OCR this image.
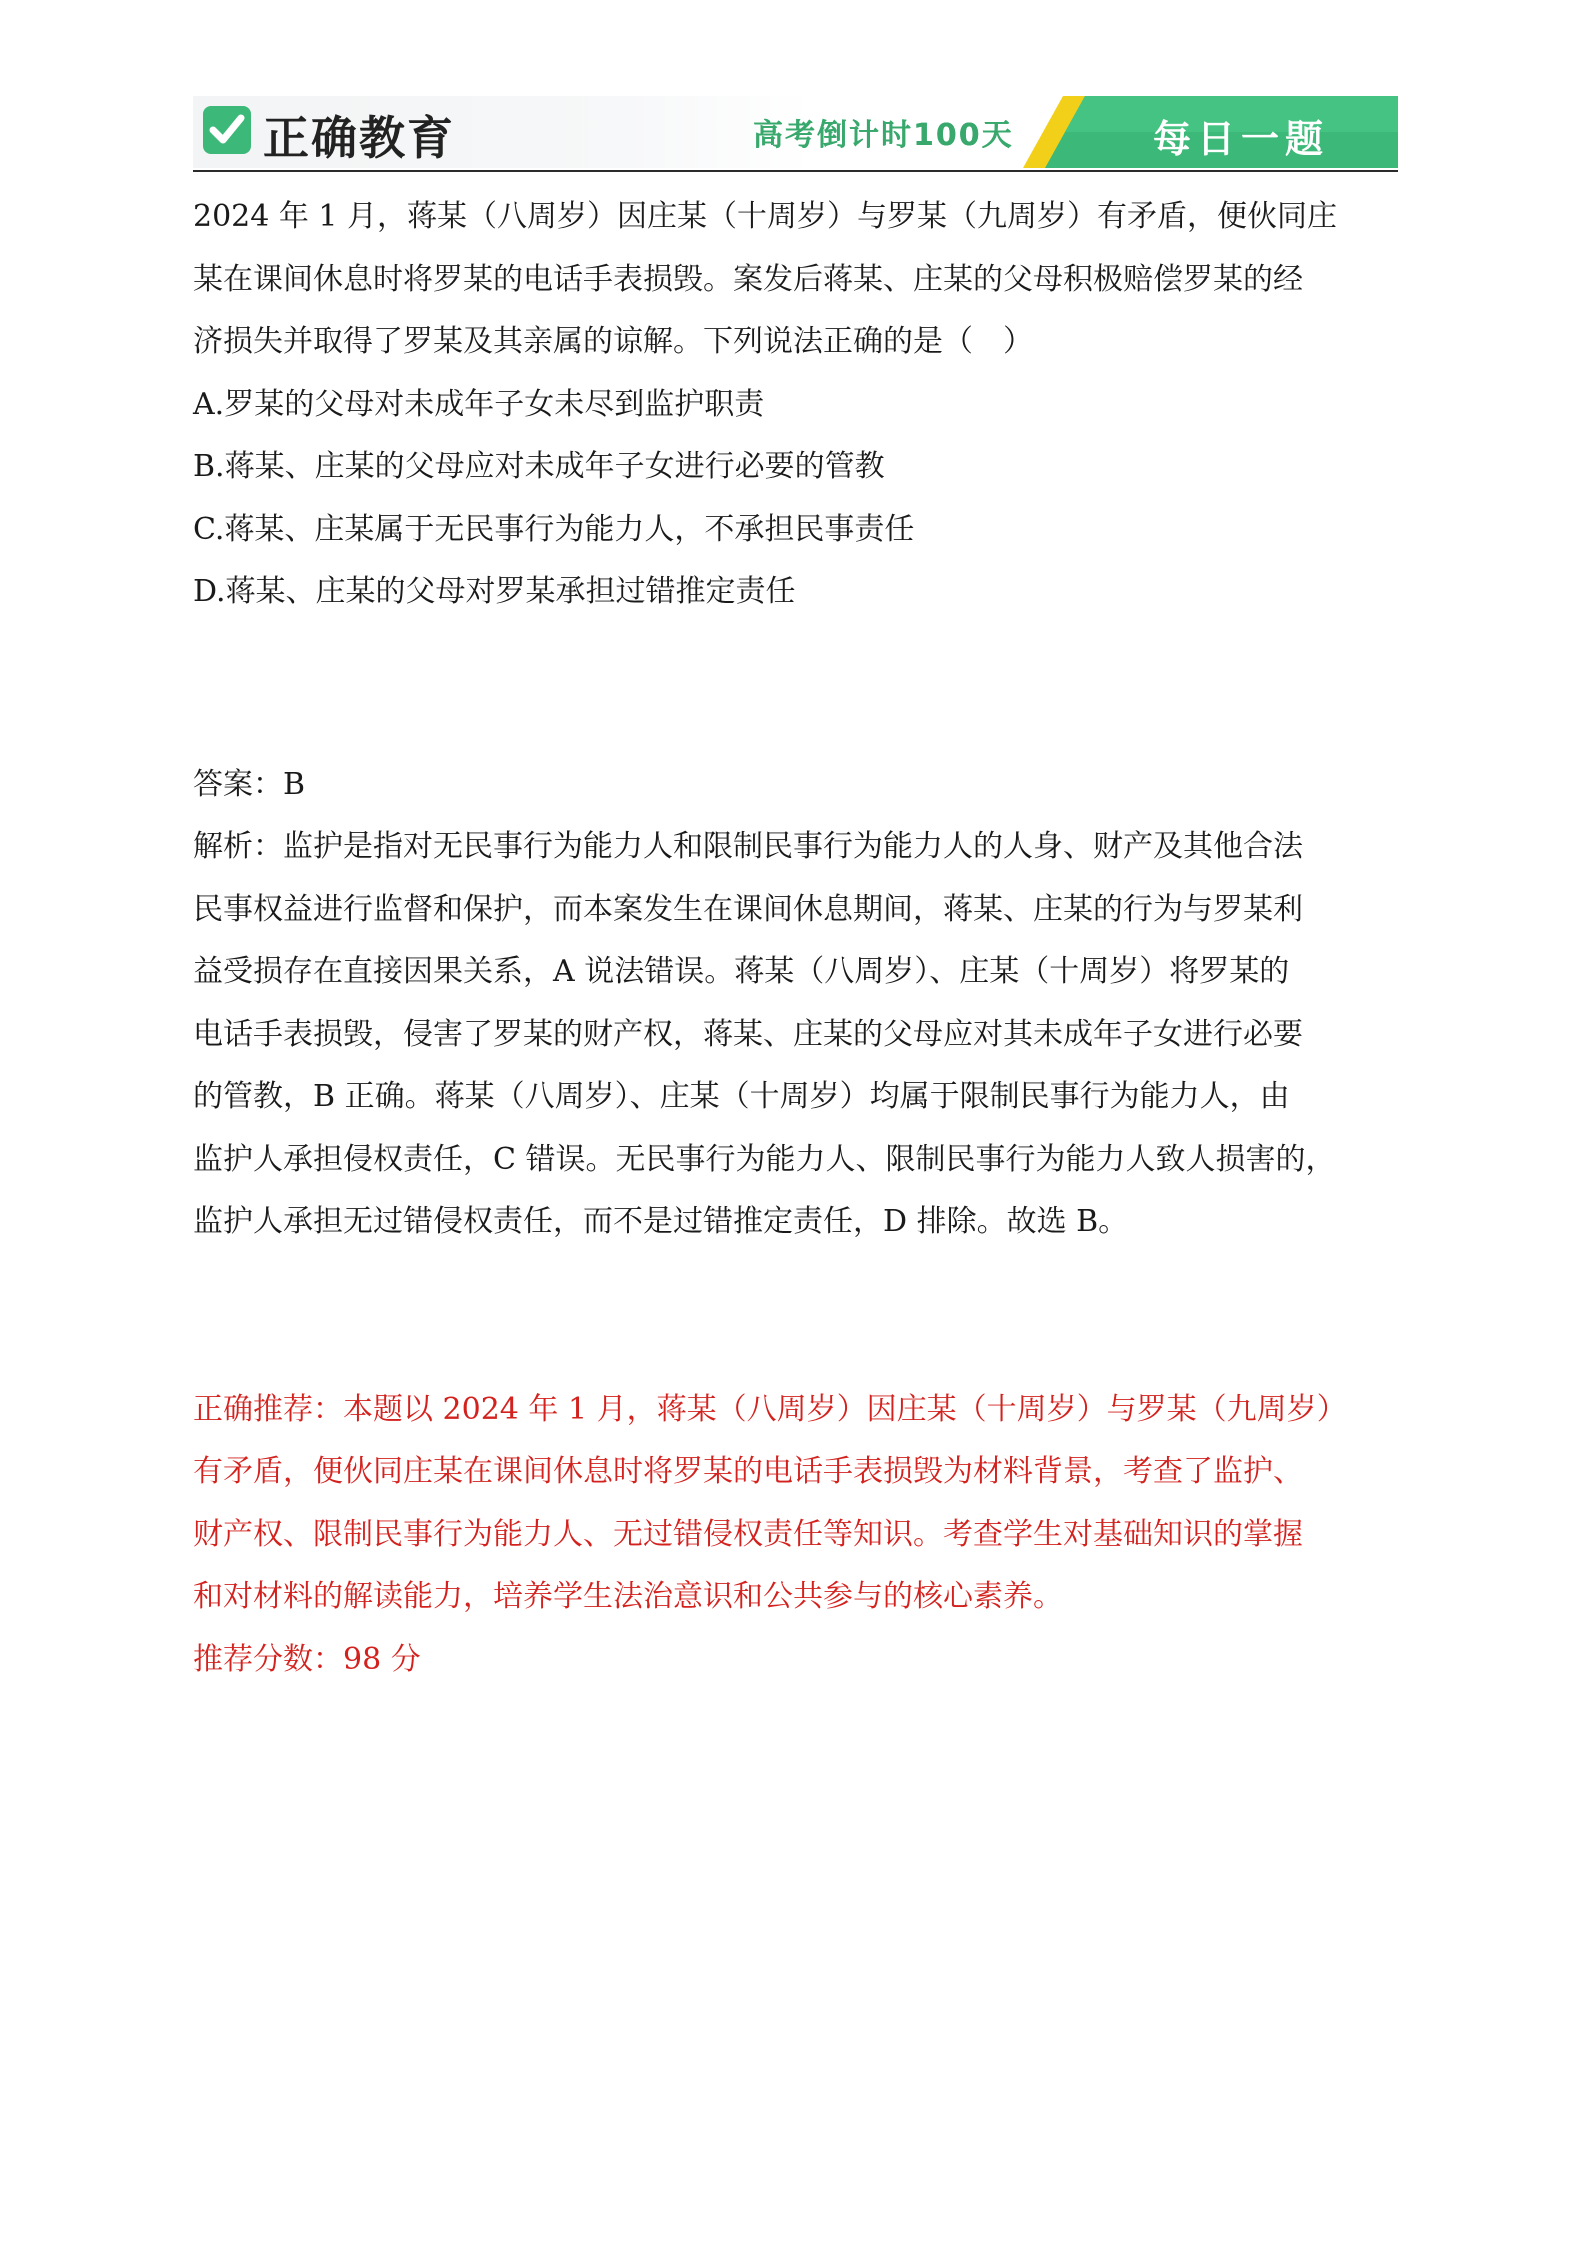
正确教育	高考倒计时100天	每日一题
2024 年 1 月，蒋某（八周岁）因庄某（十周岁）与罗某（九周岁）有矛盾，便伙同庄
某在课间休息时将罗某的电话手表损毁。案发后蒋某、庄某的父母积极赔偿罗某的经
济损失并取得了罗某及其亲属的谅解。下列说法正确的是（　）
A.罗某的父母对未成年子女未尽到监护职责
B.蒋某、庄某的父母应对未成年子女进行必要的管教
C.蒋某、庄某属于无民事行为能力人，不承担民事责任
D.蒋某、庄某的父母对罗某承担过错推定责任
答案：B
解析：监护是指对无民事行为能力人和限制民事行为能力人的人身、财产及其他合法
民事权益进行监督和保护，而本案发生在课间休息期间，蒋某、庄某的行为与罗某利
益受损存在直接因果关系，A 说法错误。蒋某（八周岁）、庄某（十周岁）将罗某的
电话手表损毁，侵害了罗某的财产权，蒋某、庄某的父母应对其未成年子女进行必要
的管教，B 正确。蒋某（八周岁）、庄某（十周岁）均属于限制民事行为能力人，由
监护人承担侵权责任，C 错误。无民事行为能力人、限制民事行为能力人致人损害的，
监护人承担无过错侵权责任，而不是过错推定责任，D 排除。故选 B。
正确推荐：本题以 2024 年 1 月，蒋某（八周岁）因庄某（十周岁）与罗某（九周岁）
有矛盾，便伙同庄某在课间休息时将罗某的电话手表损毁为材料背景，考查了监护、
财产权、限制民事行为能力人、无过错侵权责任等知识。考查学生对基础知识的掌握
和对材料的解读能力，培养学生法治意识和公共参与的核心素养。
推荐分数：98 分
